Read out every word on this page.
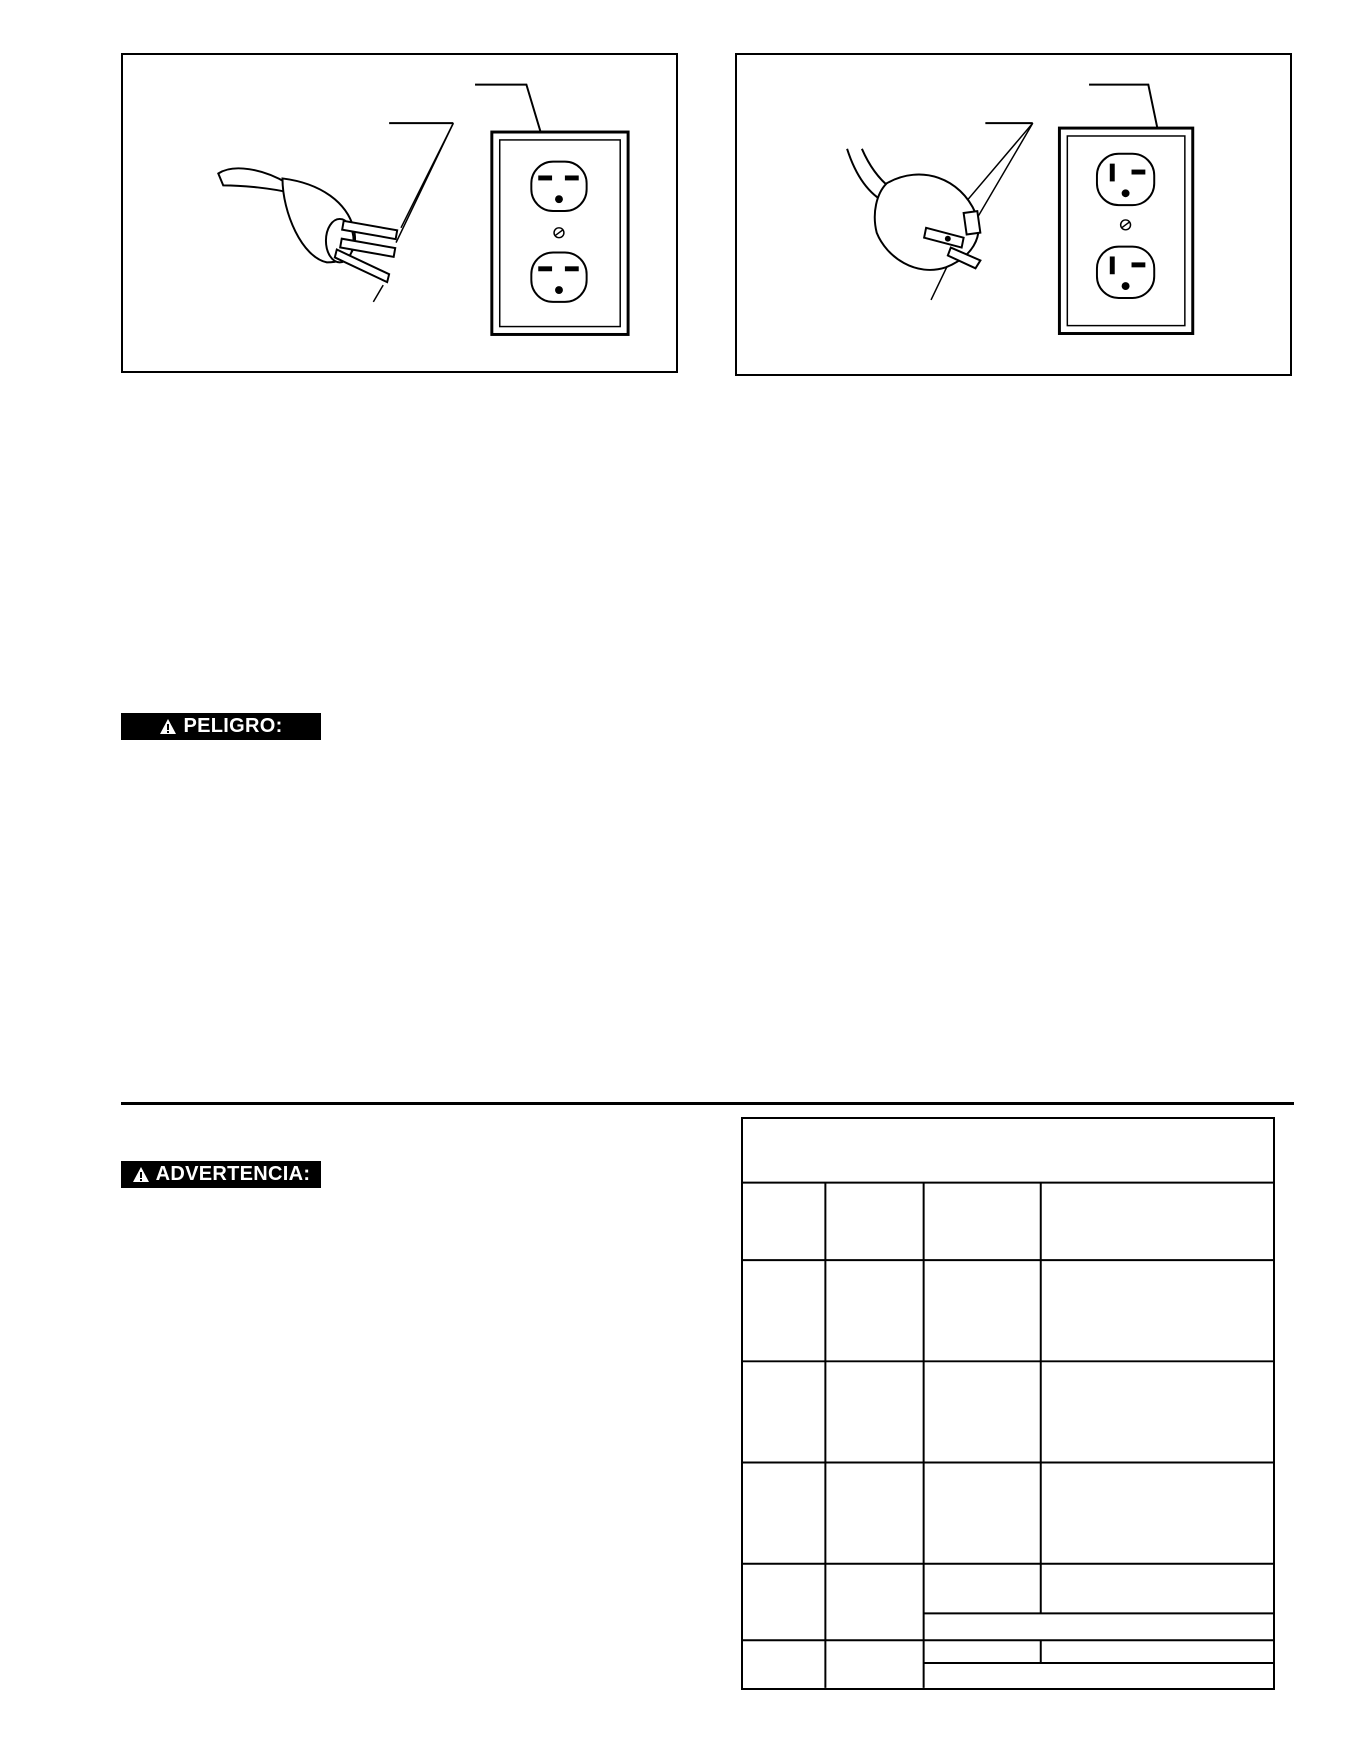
PELIGRO:
ADVERTENCIA:
